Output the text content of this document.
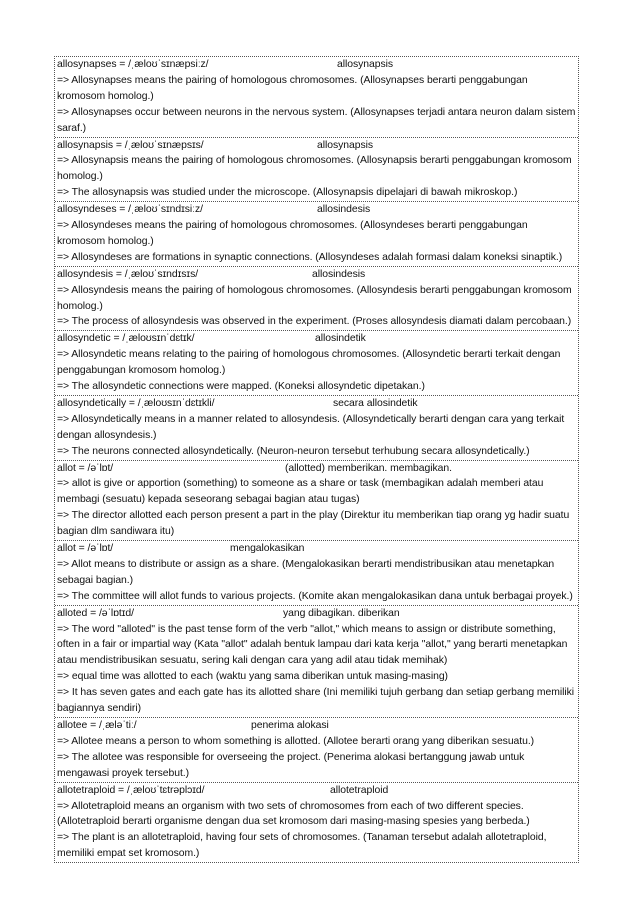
allosynapses = /ˌæloʊˈsɪnæpsiːz/	allosynapsis
=> Allosynapses means the pairing of homologous chromosomes. (Allosynapses berarti penggabungan kromosom homolog.)
=> Allosynapses occur between neurons in the nervous system. (Allosynapses terjadi antara neuron dalam sistem saraf.)
allosynapsis = /ˌæloʊˈsɪnæpsɪs/	allosynapsis
=> Allosynapsis means the pairing of homologous chromosomes. (Allosynapsis berarti penggabungan kromosom homolog.)
=> The allosynapsis was studied under the microscope. (Allosynapsis dipelajari di bawah mikroskop.)
allosyndeses = /ˌæloʊˈsɪndɪsiːz/	allosindesis
=> Allosyndeses means the pairing of homologous chromosomes. (Allosyndeses berarti penggabungan kromosom homolog.)
=> Allosyndeses are formations in synaptic connections. (Allosyndeses adalah formasi dalam koneksi sinaptik.)
allosyndesis = /ˌæloʊˈsɪndɪsɪs/	allosindesis
=> Allosyndesis means the pairing of homologous chromosomes. (Allosyndesis berarti penggabungan kromosom homolog.)
=> The process of allosyndesis was observed in the experiment. (Proses allosyndesis diamati dalam percobaan.)
allosyndetic = /ˌæloʊsɪnˈdɛtɪk/	allosindetik
=> Allosyndetic means relating to the pairing of homologous chromosomes. (Allosyndetic berarti terkait dengan penggabungan kromosom homolog.)
=> The allosyndetic connections were mapped. (Koneksi allosyndetic dipetakan.)
allosyndetically = /ˌæloʊsɪnˈdɛtɪkli/	secara allosindetik
=> Allosyndetically means in a manner related to allosyndesis. (Allosyndetically berarti dengan cara yang terkait dengan allosyndesis.)
=> The neurons connected allosyndetically. (Neuron-neuron tersebut terhubung secara allosyndetically.)
allot = /əˈlɒt/	(allotted) memberikan. membagikan.
=> allot is give or apportion (something) to someone as a share or task (membagikan adalah memberi atau membagi (sesuatu) kepada seseorang sebagai bagian atau tugas)
=> The director allotted each person present a part in the play (Direktur itu memberikan tiap orang yg hadir suatu bagian dlm sandiwara itu)
allot = /əˈlɒt/	mengalokasikan
=> Allot means to distribute or assign as a share. (Mengalokasikan berarti mendistribusikan atau menetapkan sebagai bagian.)
=> The committee will allot funds to various projects. (Komite akan mengalokasikan dana untuk berbagai proyek.)
alloted = /əˈlɒtɪd/	yang dibagikan. diberikan
=> The word "alloted" is the past tense form of the verb "allot," which means to assign or distribute something, often in a fair or impartial way (Kata "allot" adalah bentuk lampau dari kata kerja "allot," yang berarti menetapkan atau mendistribusikan sesuatu, sering kali dengan cara yang adil atau tidak memihak)
=> equal time was allotted to each (waktu yang sama diberikan untuk masing-masing)
=> It has seven gates and each gate has its allotted share (Ini memiliki tujuh gerbang dan setiap gerbang memiliki bagiannya sendiri)
allotee = /ˌæləˈtiː/	penerima alokasi
=> Allotee means a person to whom something is allotted. (Allotee berarti orang yang diberikan sesuatu.)
=> The allotee was responsible for overseeing the project. (Penerima alokasi bertanggung jawab untuk mengawasi proyek tersebut.)
allotetraploid = /ˌæloʊˈtɛtrəplɔɪd/	allotetraploid
=> Allotetraploid means an organism with two sets of chromosomes from each of two different species. (Allotetraploid berarti organisme dengan dua set kromosom dari masing-masing spesies yang berbeda.)
=> The plant is an allotetraploid, having four sets of chromosomes. (Tanaman tersebut adalah allotetraploid, memiliki empat set kromosom.)
